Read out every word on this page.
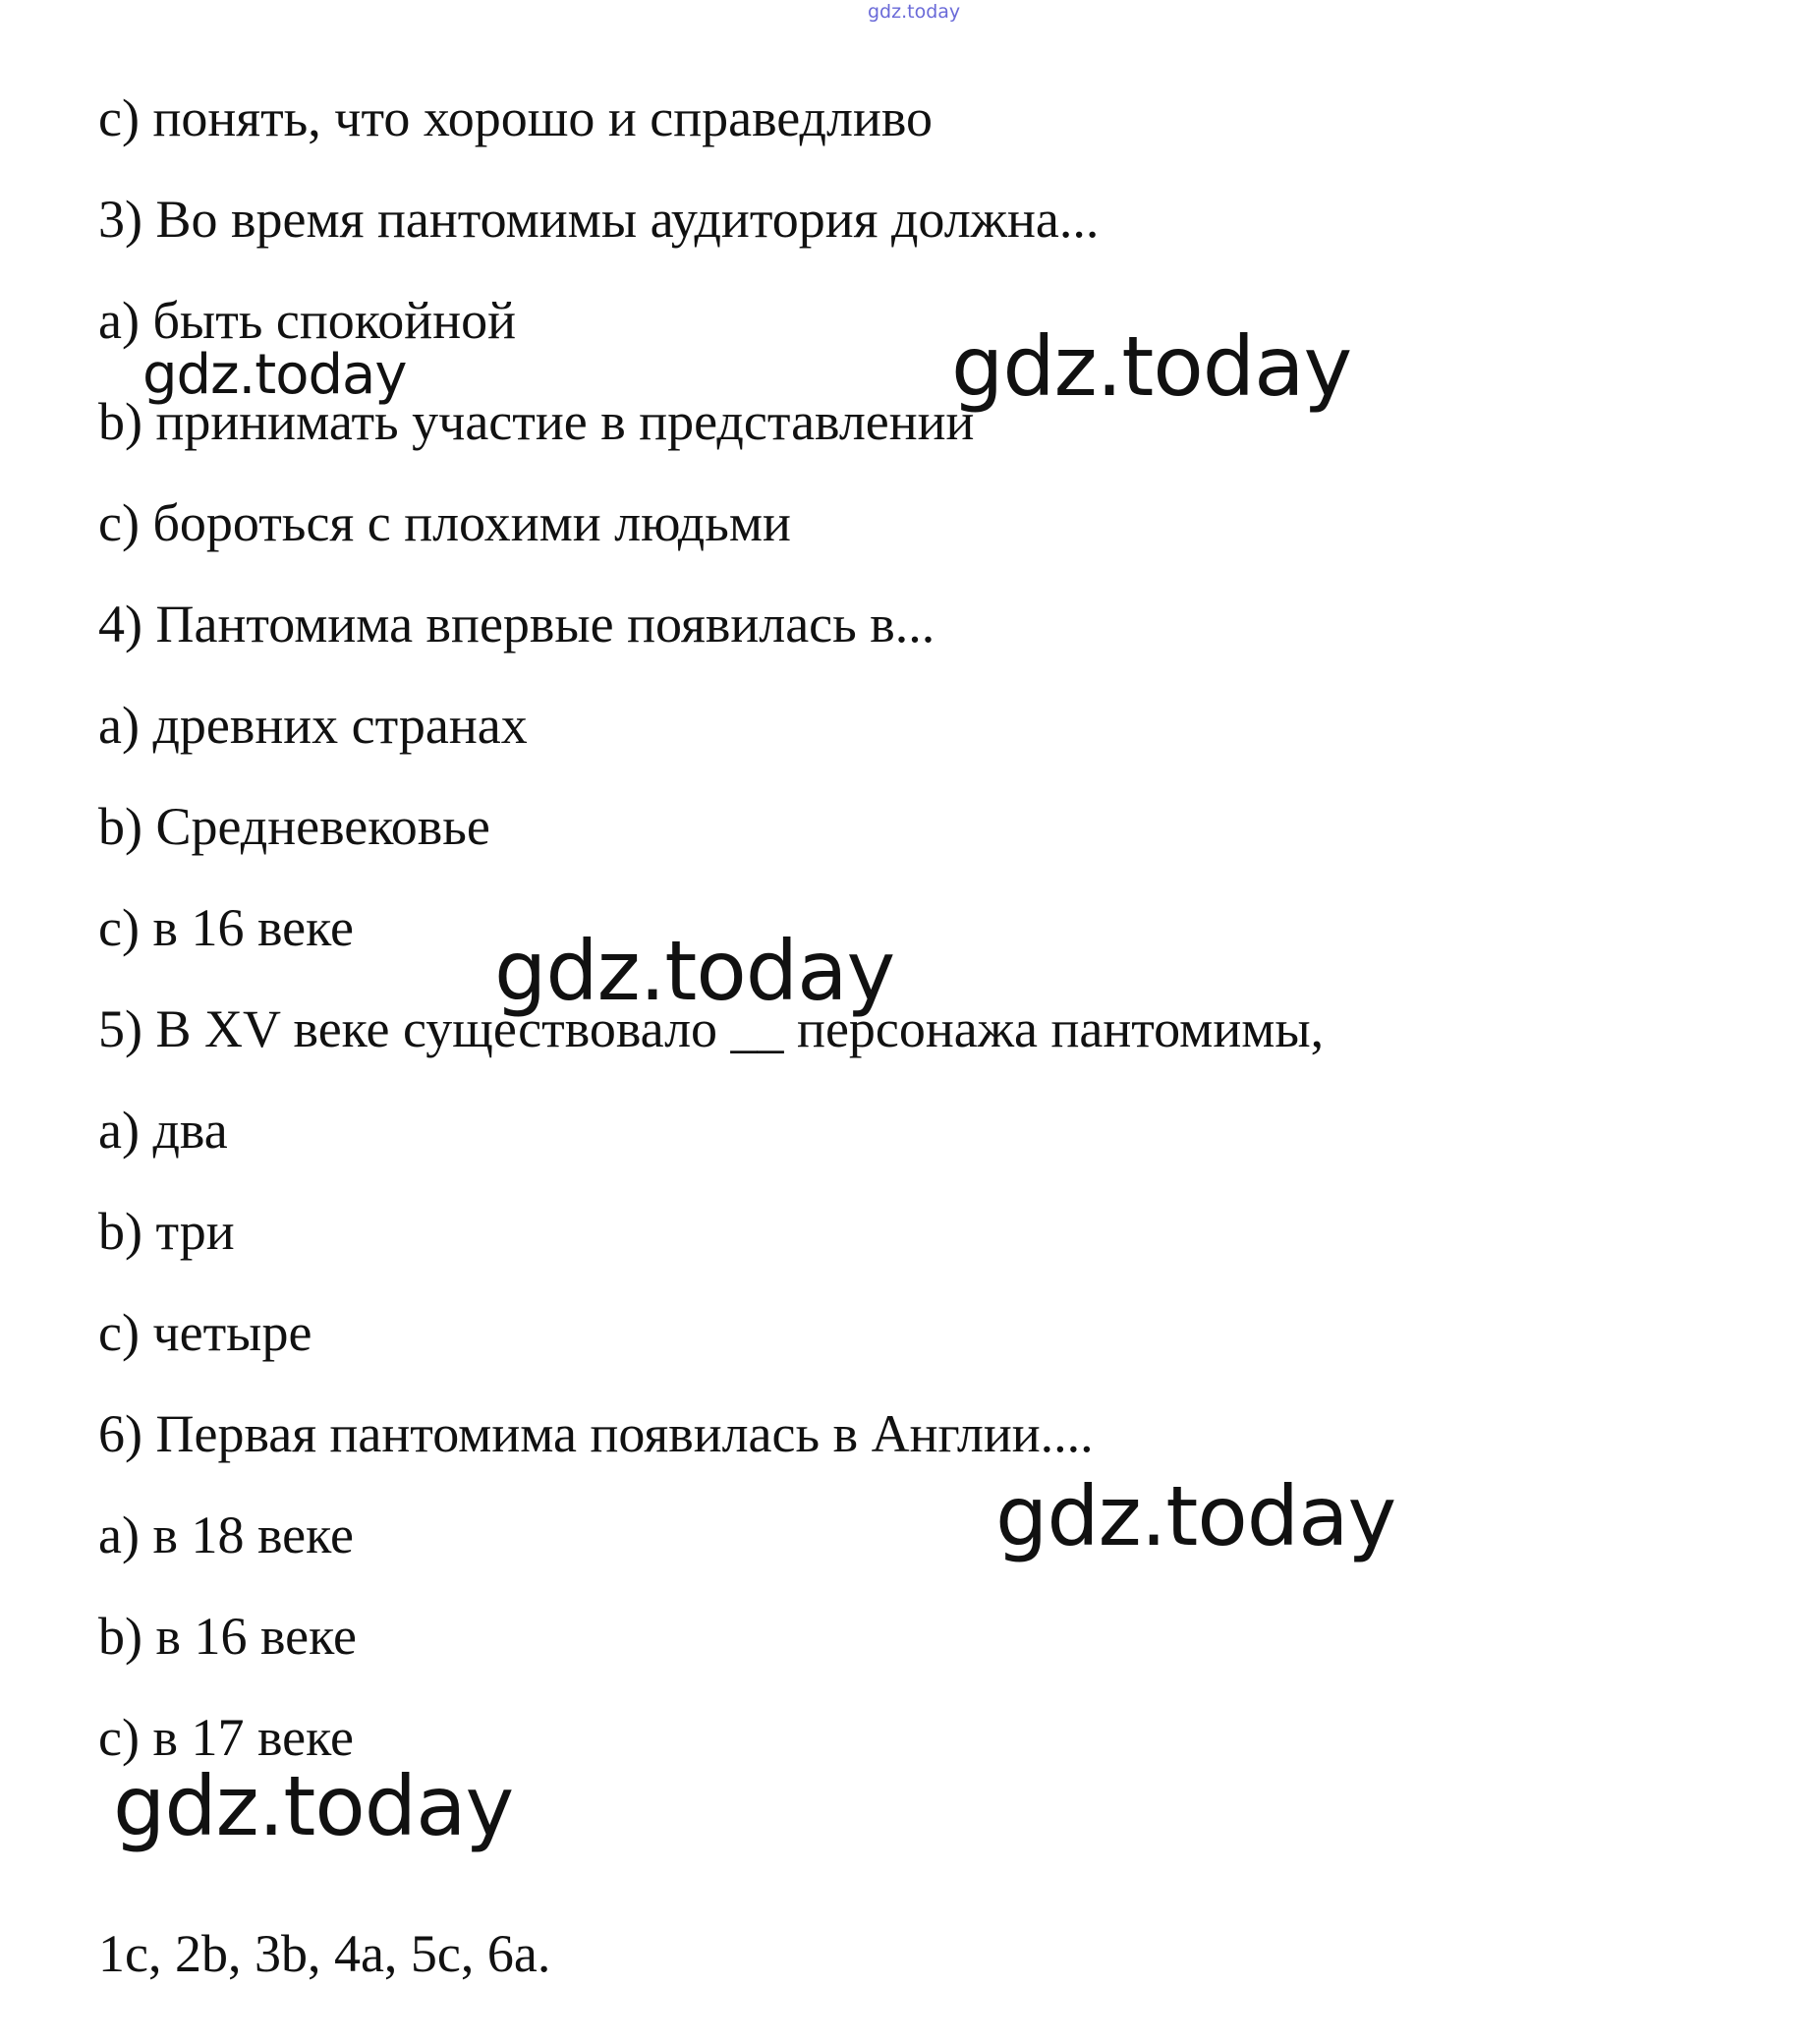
gdz.today

c) понять, что хорошо и справедливо

3) Во время пантомимы аудитория должна...

a) быть спокойной

b) принимать участие в представлении

c) бороться с плохими людьми

4) Пантомима впервые появилась в...

a) древних странах

b) Средневековье

c) в 16 веке

5) В XV веке существовало __ персонажа пантомимы,

a) два

b) три

c) четыре

6) Первая пантомима появилась в Англии....

a) в 18 веке

b) в 16 веке

c) в 17 веке

1c, 2b, 3b, 4a, 5c, 6a.

gdz.today	gdz.today
gdz.today
gdz.today
gdz.today
